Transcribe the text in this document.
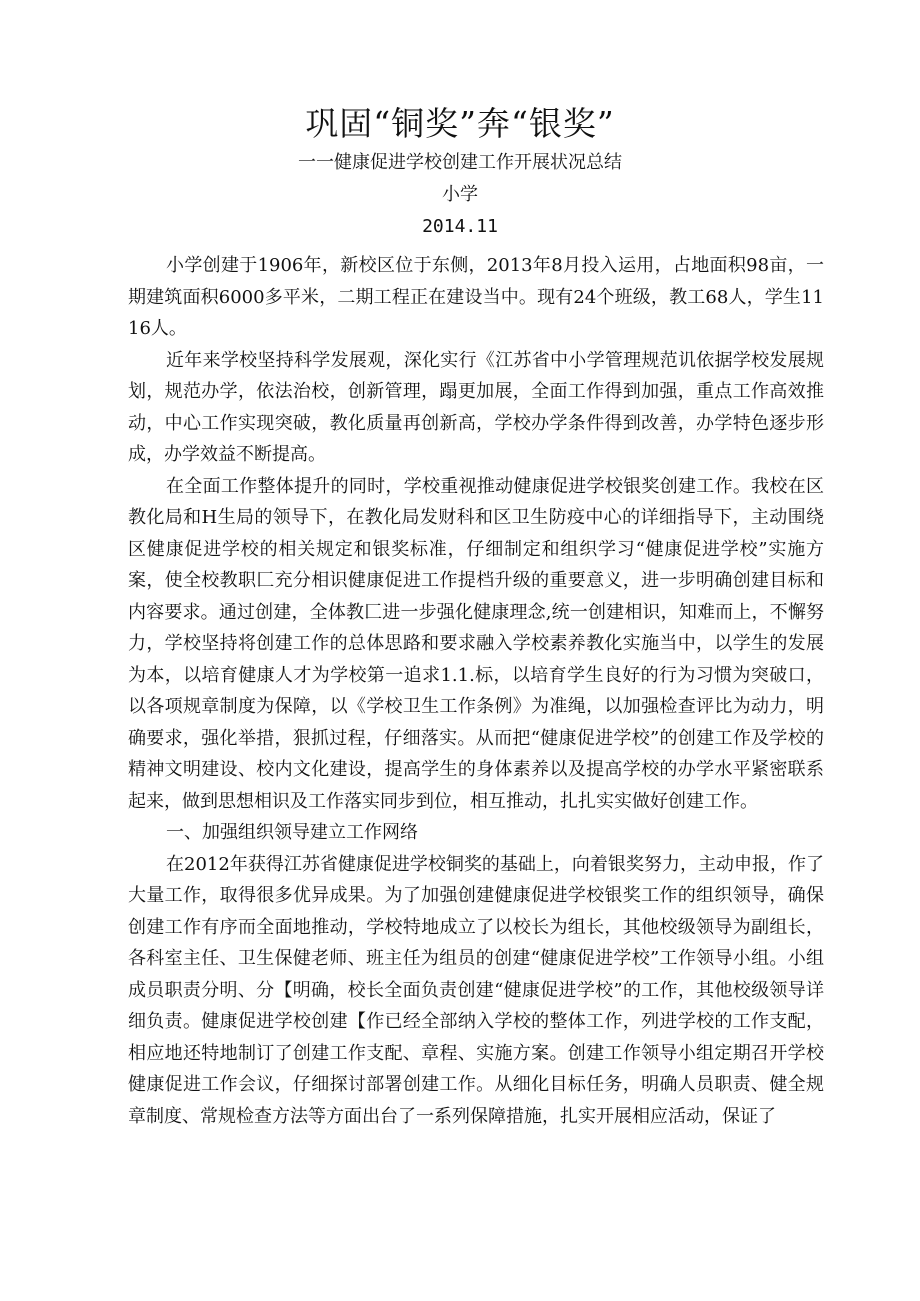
巩固“铜奖”奔“银奖”
一一健康促进学校创建工作开展状况总结
小学
2014.11

小学创建于1906年，新校区位于东侧，2013年8月投入运用，占地面积98亩，一期建筑面积6000多平米，二期工程正在建设当中。现有24个班级，教工68人，学生1116人。

近年来学校坚持科学发展观，深化实行《江苏省中小学管理规范讥依据学校发展规划，规范办学，依法治校，创新管理，蹋更加展，全面工作得到加强，重点工作高效推动，中心工作实现突破，教化质量再创新高，学校办学条件得到改善，办学特色逐步形成，办学效益不断提高。

在全面工作整体提升的同时，学校重视推动健康促进学校银奖创建工作。我校在区教化局和H生局的领导下，在教化局发财科和区卫生防疫中心的详细指导下，主动围绕区健康促进学校的相关规定和银奖标准，仔细制定和组织学习“健康促进学校”实施方案，使全校教职匚充分相识健康促进工作提档升级的重要意义，进一步明确创建目标和内容要求。通过创建，全体教匚进一步强化健康理念,统一创建相识，知难而上，不懈努力，学校坚持将创建工作的总体思路和要求融入学校素养教化实施当中，以学生的发展为本，以培育健康人才为学校第一追求1.1.标，以培育学生良好的行为习惯为突破口，以各项规章制度为保障，以《学校卫生工作条例》为准绳，以加强检查评比为动力，明确要求，强化举措，狠抓过程，仔细落实。从而把“健康促进学校”的创建工作及学校的精神文明建设、校内文化建设，提高学生的身体素养以及提高学校的办学水平紧密联系起来，做到思想相识及工作落实同步到位，相互推动，扎扎实实做好创建工作。

一、加强组织领导建立工作网络

在2012年获得江苏省健康促进学校铜奖的基础上，向着银奖努力，主动申报，作了大量工作，取得很多优异成果。为了加强创建健康促进学校银奖工作的组织领导，确保创建工作有序而全面地推动，学校特地成立了以校长为组长，其他校级领导为副组长，各科室主任、卫生保健老师、班主任为组员的创建“健康促进学校”工作领导小组。小组成员职责分明、分【明确，校长全面负责创建“健康促进学校”的工作，其他校级领导详细负责。健康促进学校创建【作已经全部纳入学校的整体工作，列进学校的工作支配，相应地还特地制订了创建工作支配、章程、实施方案。创建工作领导小组定期召开学校健康促进工作会议，仔细探讨部署创建工作。从细化目标任务，明确人员职责、健全规章制度、常规检查方法等方面出台了一系列保障措施，扎实开展相应活动，保证了
